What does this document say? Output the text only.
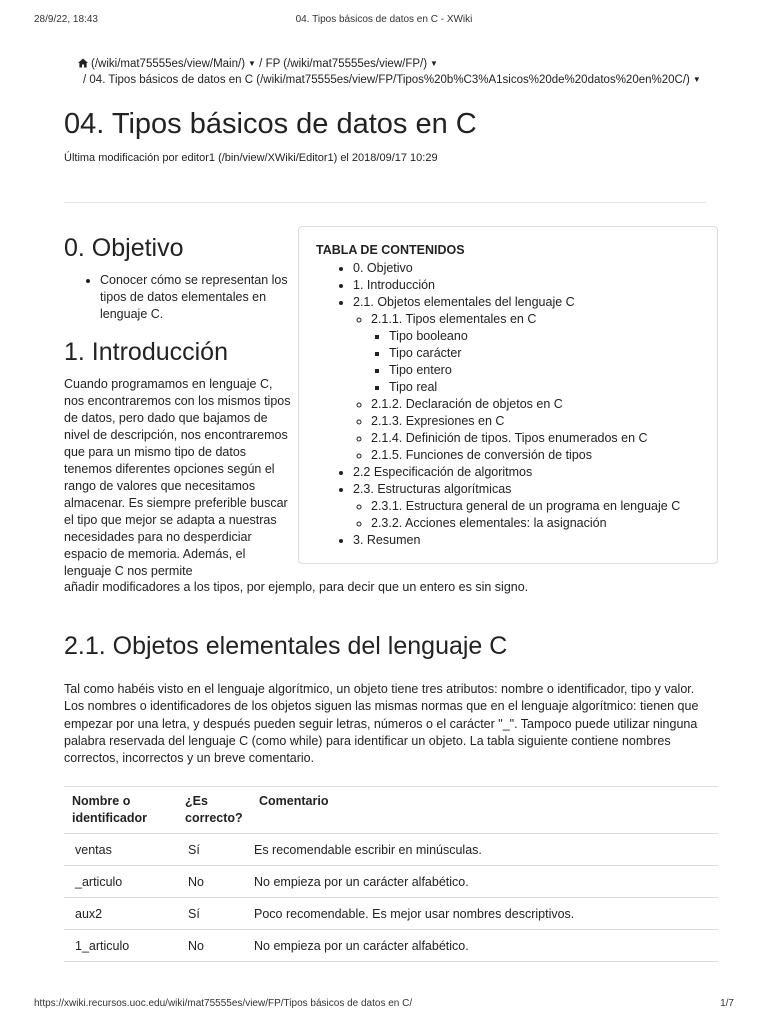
28/9/22, 18:43	04. Tipos básicos de datos en C - XWiki
(/wiki/mat75555es/view/Main/) ▼ / FP (/wiki/mat75555es/view/FP/) ▼
/ 04. Tipos básicos de datos en C (/wiki/mat75555es/view/FP/Tipos%20b%C3%A1sicos%20de%20datos%20en%20C/) ▼
04. Tipos básicos de datos en C
Última modificación por editor1 (/bin/view/XWiki/Editor1) el 2018/09/17 10:29
TABLA DE CONTENIDOS
• 0. Objetivo
• 1. Introducción
• 2.1. Objetos elementales del lenguaje C
◦ 2.1.1. Tipos elementales en C
▪ Tipo booleano
▪ Tipo carácter
▪ Tipo entero
▪ Tipo real
◦ 2.1.2. Declaración de objetos en C
◦ 2.1.3. Expresiones en C
◦ 2.1.4. Definición de tipos. Tipos enumerados en C
◦ 2.1.5. Funciones de conversión de tipos
• 2.2 Especificación de algoritmos
• 2.3. Estructuras algorítmicas
◦ 2.3.1. Estructura general de un programa en lenguaje C
◦ 2.3.2. Acciones elementales: la asignación
• 3. Resumen
0. Objetivo
• Conocer cómo se representan los tipos de datos elementales en lenguaje C.
1. Introducción
Cuando programamos en lenguaje C, nos encontraremos con los mismos tipos de datos, pero dado que bajamos de nivel de descripción, nos encontraremos que para un mismo tipo de datos tenemos diferentes opciones según el rango de valores que necesitamos almacenar. Es siempre preferible buscar el tipo que mejor se adapta a nuestras necesidades para no desperdiciar espacio de memoria. Además, el lenguaje C nos permite
añadir modificadores a los tipos, por ejemplo, para decir que un entero es sin signo.
2.1. Objetos elementales del lenguaje C
Tal como habéis visto en el lenguaje algorítmico, un objeto tiene tres atributos: nombre o identificador, tipo y valor. Los nombres o identificadores de los objetos siguen las mismas normas que en el lenguaje algorítmico: tienen que empezar por una letra, y después pueden seguir letras, números o el carácter "_". Tampoco puede utilizar ninguna palabra reservada del lenguaje C (como while) para identificar un objeto. La tabla siguiente contiene nombres correctos, incorrectos y un breve comentario.
Nombre o identificador	¿Es correcto?	Comentario
ventas	Sí	Es recomendable escribir en minúsculas.
_articulo	No	No empieza por un carácter alfabético.
aux2	Sí	Poco recomendable. Es mejor usar nombres descriptivos.
1_articulo	No	No empieza por un carácter alfabético.
https://xwiki.recursos.uoc.edu/wiki/mat75555es/view/FP/Tipos básicos de datos en C/	1/7
